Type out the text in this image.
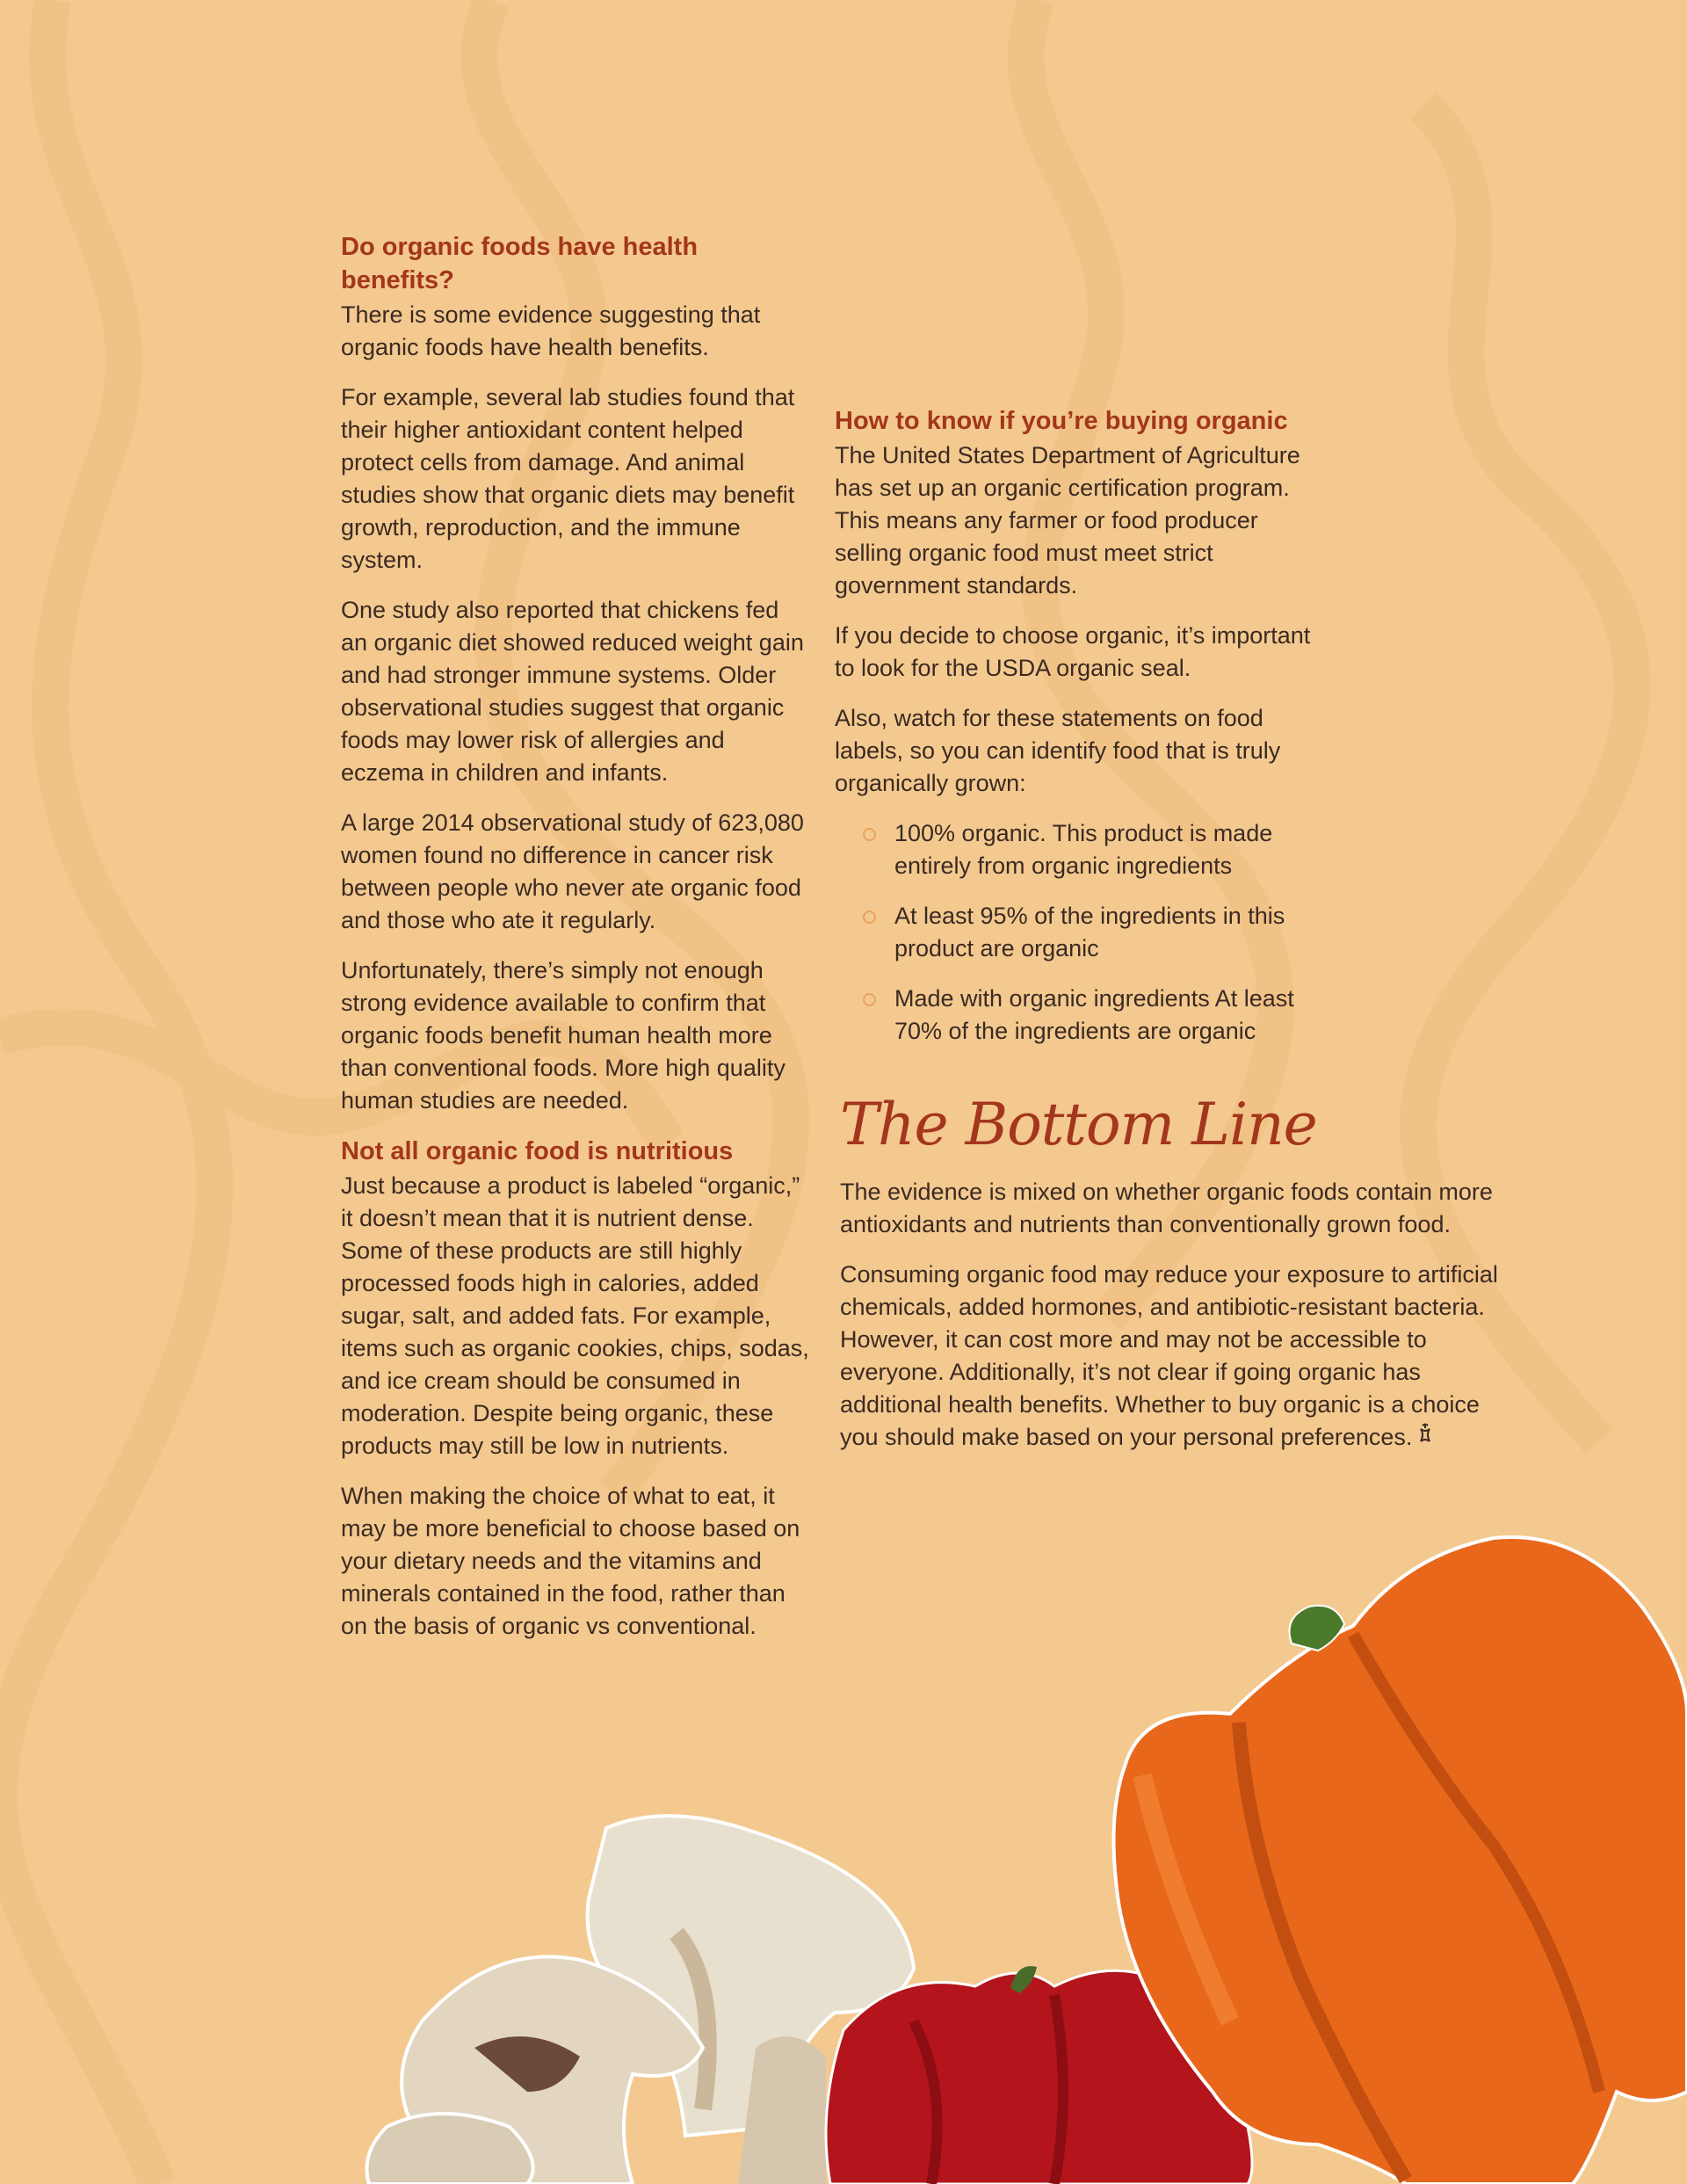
Do organic foods have health benefits?

There is some evidence suggesting that organic foods have health benefits.

For example, several lab studies found that their higher antioxidant content helped protect cells from damage. And animal studies show that organic diets may benefit growth, reproduction, and the immune system.

One study also reported that chickens fed an organic diet showed reduced weight gain and had stronger immune systems. Older observational studies suggest that organic foods may lower risk of allergies and eczema in children and infants.

A large 2014 observational study of 623,080 women found no difference in cancer risk between people who never ate organic food and those who ate it regularly.

Unfortunately, there’s simply not enough strong evidence available to confirm that organic foods benefit human health more than conventional foods. More high quality human studies are needed.

Not all organic food is nutritious

Just because a product is labeled “organic,” it doesn’t mean that it is nutrient dense. Some of these products are still highly processed foods high in calories, added sugar, salt, and added fats. For example, items such as organic cookies, chips, sodas, and ice cream should be consumed in moderation. Despite being organic, these products may still be low in nutrients.

When making the choice of what to eat, it may be more beneficial to choose based on your dietary needs and the vitamins and minerals contained in the food, rather than on the basis of organic vs conventional.

How to know if you’re buying organic

The United States Department of Agriculture has set up an organic certification program. This means any farmer or food producer selling organic food must meet strict government standards.

If you decide to choose organic, it’s important to look for the USDA organic seal.

Also, watch for these statements on food labels, so you can identify food that is truly organically grown:

100% organic. This product is made entirely from organic ingredients
At least 95% of the ingredients in this product are organic
Made with organic ingredients At least 70% of the ingredients are organic
The Bottom Line

The evidence is mixed on whether organic foods contain more antioxidants and nutrients than conventionally grown food.

Consuming organic food may reduce your exposure to artificial chemicals, added hormones, and antibiotic-resistant bacteria. However, it can cost more and may not be accessible to everyone. Additionally, it’s not clear if going organic has additional health benefits. Whether to buy organic is a choice you should make based on your personal preferences.
